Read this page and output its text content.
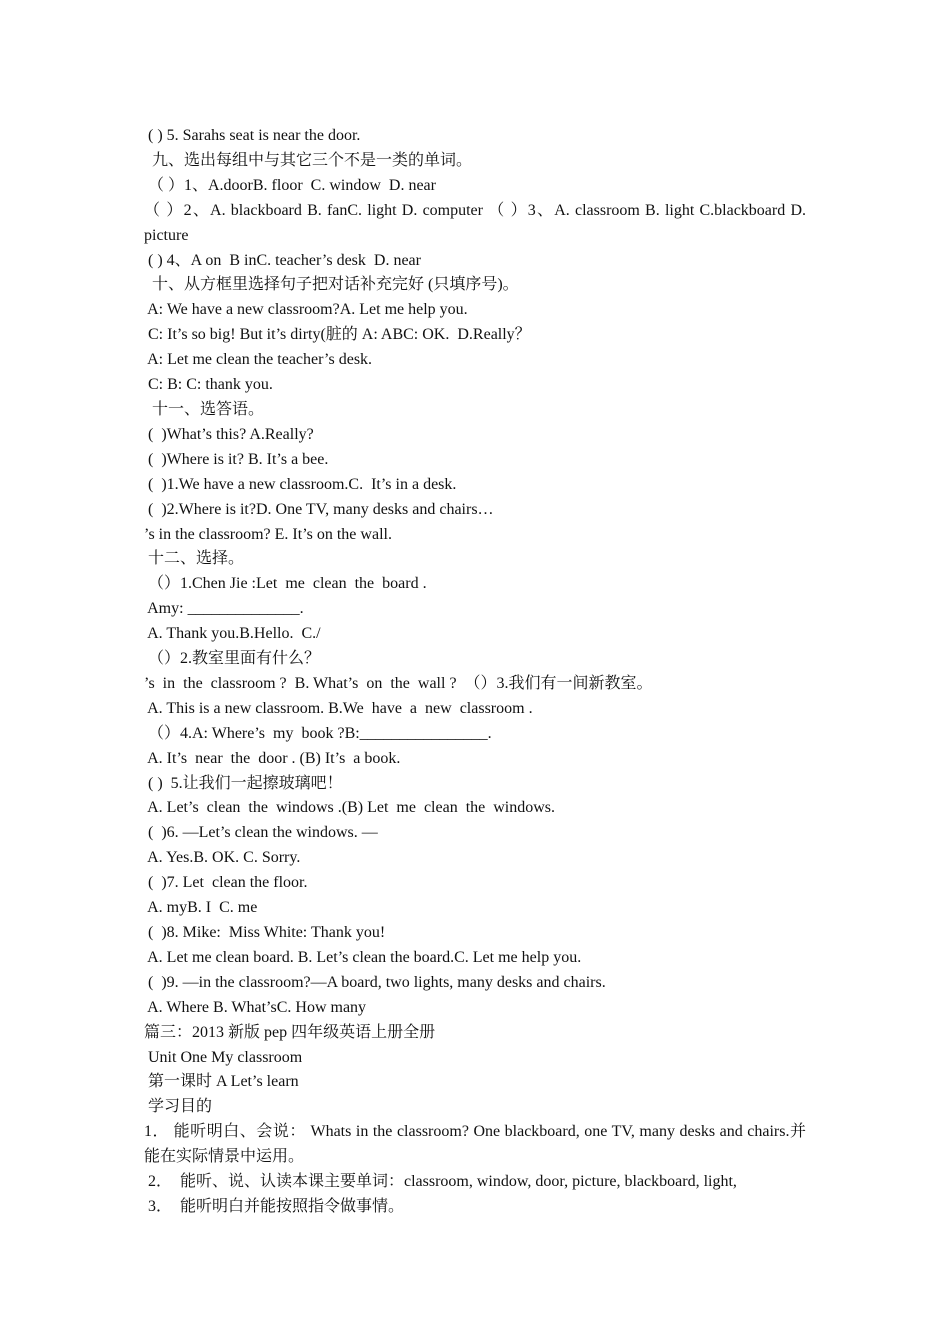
( ) 5. Sarahs seat is near the door.
九、选出每组中与其它三个不是一类的单词。
（ ）1、A.doorB. floor  C. window  D. near
（ ）2、A. blackboard B. fanC. light D. computer （ ）3、A. classroom B. light C.blackboard D. picture
( ) 4、A on  B inC. teacher’s desk  D. near
十、从方框里选择句子把对话补充完好 (只填序号)。
A: We have a new classroom?A. Let me help you.
C: It’s so big! But it’s dirty(脏的 A: ABC: OK.  D.Really？
A: Let me clean the teacher’s desk.
C: B: C: thank you.
十一、选答语。
(  )What’s this? A.Really?
(  )Where is it? B. It’s a bee.
(  )1.We have a new classroom.C.  It’s in a desk.
(  )2.Where is it?D. One TV, many desks and chairs…
’s in the classroom? E. It’s on the wall.
十二、选择。
（）1.Chen Jie :Let  me  clean  the  board .
Amy: ______________.
A. Thank you.B.Hello.  C./
（）2.教室里面有什么？
’s  in  the  classroom ?  B. What’s  on  the  wall ?  （）3.我们有一间新教室。
A. This is a new classroom. B.We  have  a  new  classroom .
（）4.A: Where’s  my  book ?B:________________.
A. It’s  near  the  door . (B) It’s  a book.
( )  5.让我们一起擦玻璃吧！
A. Let’s  clean  the  windows .(B) Let  me  clean  the  windows.
(  )6. —Let’s clean the windows. —
A. Yes.B. OK. C. Sorry.
(  )7. Let  clean the floor.
A. myB. I  C. me
(  )8. Mike:  Miss White: Thank you!
A. Let me clean board. B. Let’s clean the board.C. Let me help you.
(  )9. —in the classroom?—A board, two lights, many desks and chairs.
A. Where B. What’sC. How many
篇三：2013 新版 pep 四年级英语上册全册
Unit One My classroom
第一课时 A Let’s learn
学习目的
1． 能听明白、会说： Whats in the classroom? One blackboard, one TV, many desks and chairs.并能在实际情景中运用。
2．  能听、说、认读本课主要单词：classroom, window, door, picture, blackboard, light,
3．  能听明白并能按照指令做事情。
